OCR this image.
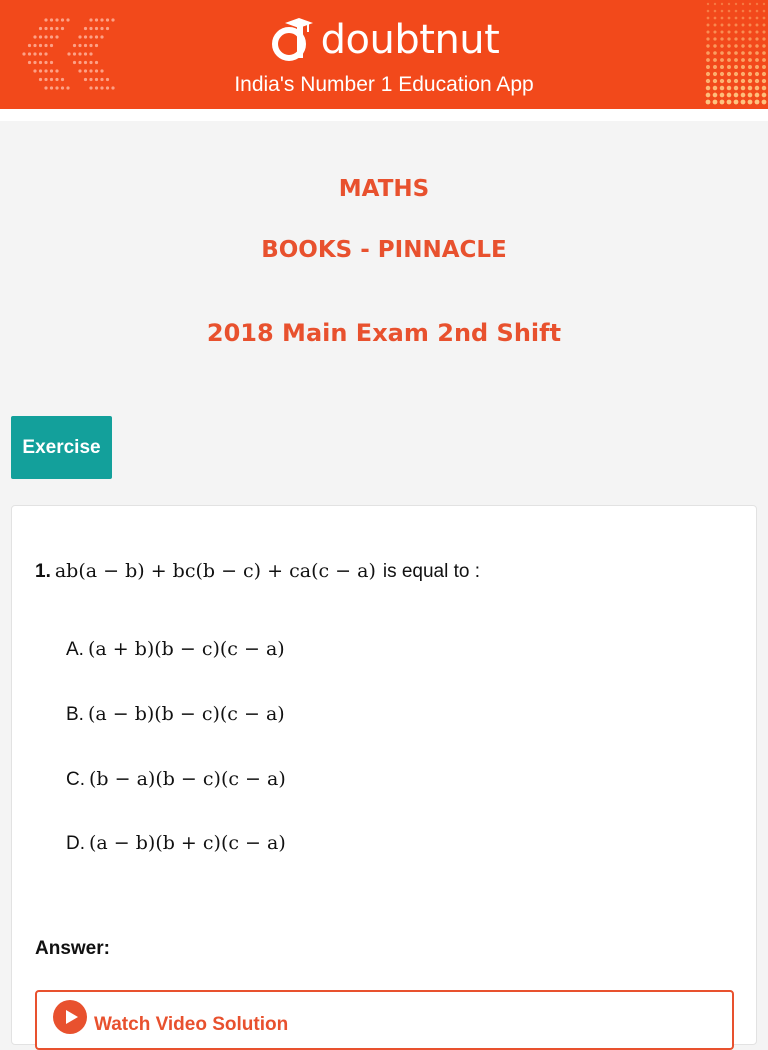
doubtnut
India's Number 1 Education App
MATHS
BOOKS - PINNACLE
2018 Main Exam 2nd Shift
Exercise
1. ab(a − b) + bc(b − c) + ca(c − a) is equal to :
A. (a + b)(b − c)(c − a)
B. (a − b)(b − c)(c − a)
C. (b − a)(b − c)(c − a)
D. (a − b)(b + c)(c − a)
Answer:
Watch Video Solution
